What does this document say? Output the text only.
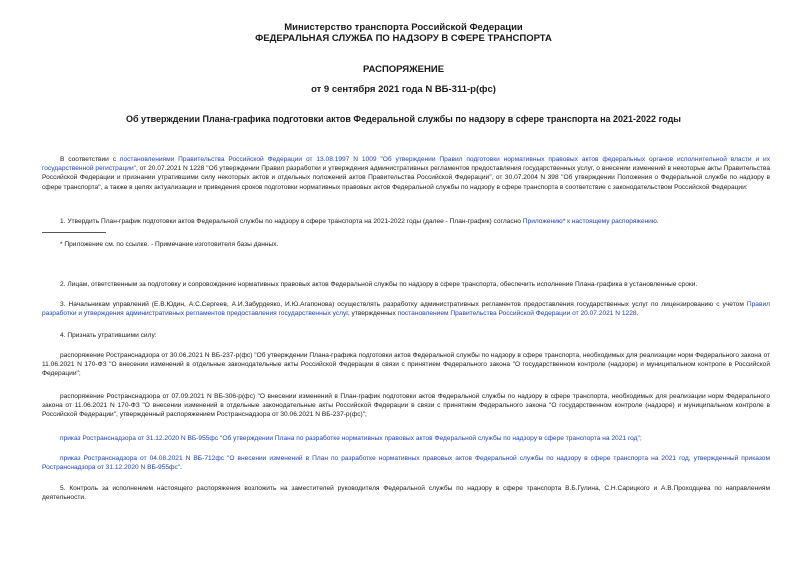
Министерство транспорта Российской Федерации
ФЕДЕРАЛЬНАЯ СЛУЖБА ПО НАДЗОРУ В СФЕРЕ ТРАНСПОРТА
РАСПОРЯЖЕНИЕ
от 9 сентября 2021 года N ВБ-311-р(фс)
Об утверждении Плана-графика подготовки актов Федеральной службы по надзору в сфере транспорта на 2021-2022 годы

В соответствии с постановлениями Правительства Российской Федерации от 13.08.1997 N 1009 "Об утверждении Правил подготовки нормативных правовых актов федеральных органов исполнительной власти и их государственной регистрации", от 20.07.2021 N 1228 "Об утверждении Правил разработки и утверждения административных регламентов предоставления государственных услуг, о внесении изменений в некоторые акты Правительства Российской Федерации и признании утратившими силу некоторых актов и отдельных положений актов Правительства Российской Федерации", от 30.07.2004 N 398 "Об утверждении Положения о Федеральной службе по надзору в сфере транспорта", а также в целях актуализации и приведения сроков подготовки нормативных правовых актов Федеральной службы по надзору в сфере транспорта в соответствие с законодательством Российской Федерации:

1. Утвердить План-график подготовки актов Федеральной службы по надзору в сфере транспорта на 2021-2022 годы (далее - План-график) согласно Приложению* к настоящему распоряжению.

* Приложение см. по ссылке. - Примечание изготовителя базы данных.

2. Лицам, ответственным за подготовку и сопровождение нормативных правовых актов Федеральной службы по надзору в сфере транспорта, обеспечить исполнение Плана-графика в установленные сроки.

3. Начальникам управлений (Е.В.Юдин, А.С.Сергеев, А.И.Забурдеяко, И.Ю.Агапонова) осуществлять разработку административных регламентов предоставления государственных услуг по лицензированию с учетом Правил разработки и утверждения административных регламентов предоставления государственных услуг, утвержденных постановлением Правительства Российской Федерации от 20.07.2021 N 1228.

4. Признать утратившими силу:

распоряжение Ространснадзора от 30.06.2021 N ВБ-237-р(фс) "Об утверждении Плана-графика подготовки актов Федеральной службы по надзору в сфере транспорта, необходимых для реализации норм Федерального закона от 11.06.2021 N 170-ФЗ "О внесении изменений в отдельные законодательные акты Российской Федерации в связи с принятием Федерального закона "О государственном контроле (надзоре) и муниципальном контроле в Российской Федерации";

распоряжение Ространснадзора от 07.09.2021 N ВБ-306-р(фс) "О внесении изменений в План-график подготовки актов Федеральной службы по надзору в сфере транспорта, необходимых для реализации норм Федерального закона от 11.06.2021 N 170-ФЗ "О внесении изменений в отдельные законодательные акты Российской Федерации в связи с принятием Федерального закона "О государственном контроле (надзоре) и муниципальном контроле в Российской Федерации", утвержденный распоряжением Ространснадзора от 30.06.2021 N ВБ-237-р(фс)";

приказ Ространснадзора от 31.12.2020 N ВБ-955фс "Об утверждении Плана по разработке нормативных правовых актов Федеральной службы по надзору в сфере транспорта на 2021 год";

приказ Ространснадзора от 04.08.2021 N ВБ-712фс "О внесении изменений в План по разработке нормативных правовых актов Федеральной службы по надзору в сфере транспорта на 2021 год, утвержденный приказом Ространснадзора от 31.12.2020 N ВБ-955фс".

5. Контроль за исполнением настоящего распоряжения возложить на заместителей руководителя Федеральной службы по надзору в сфере транспорта В.Б.Гулина, С.Н.Сарицкого и А.В.Проходцева по направлениям деятельности.
